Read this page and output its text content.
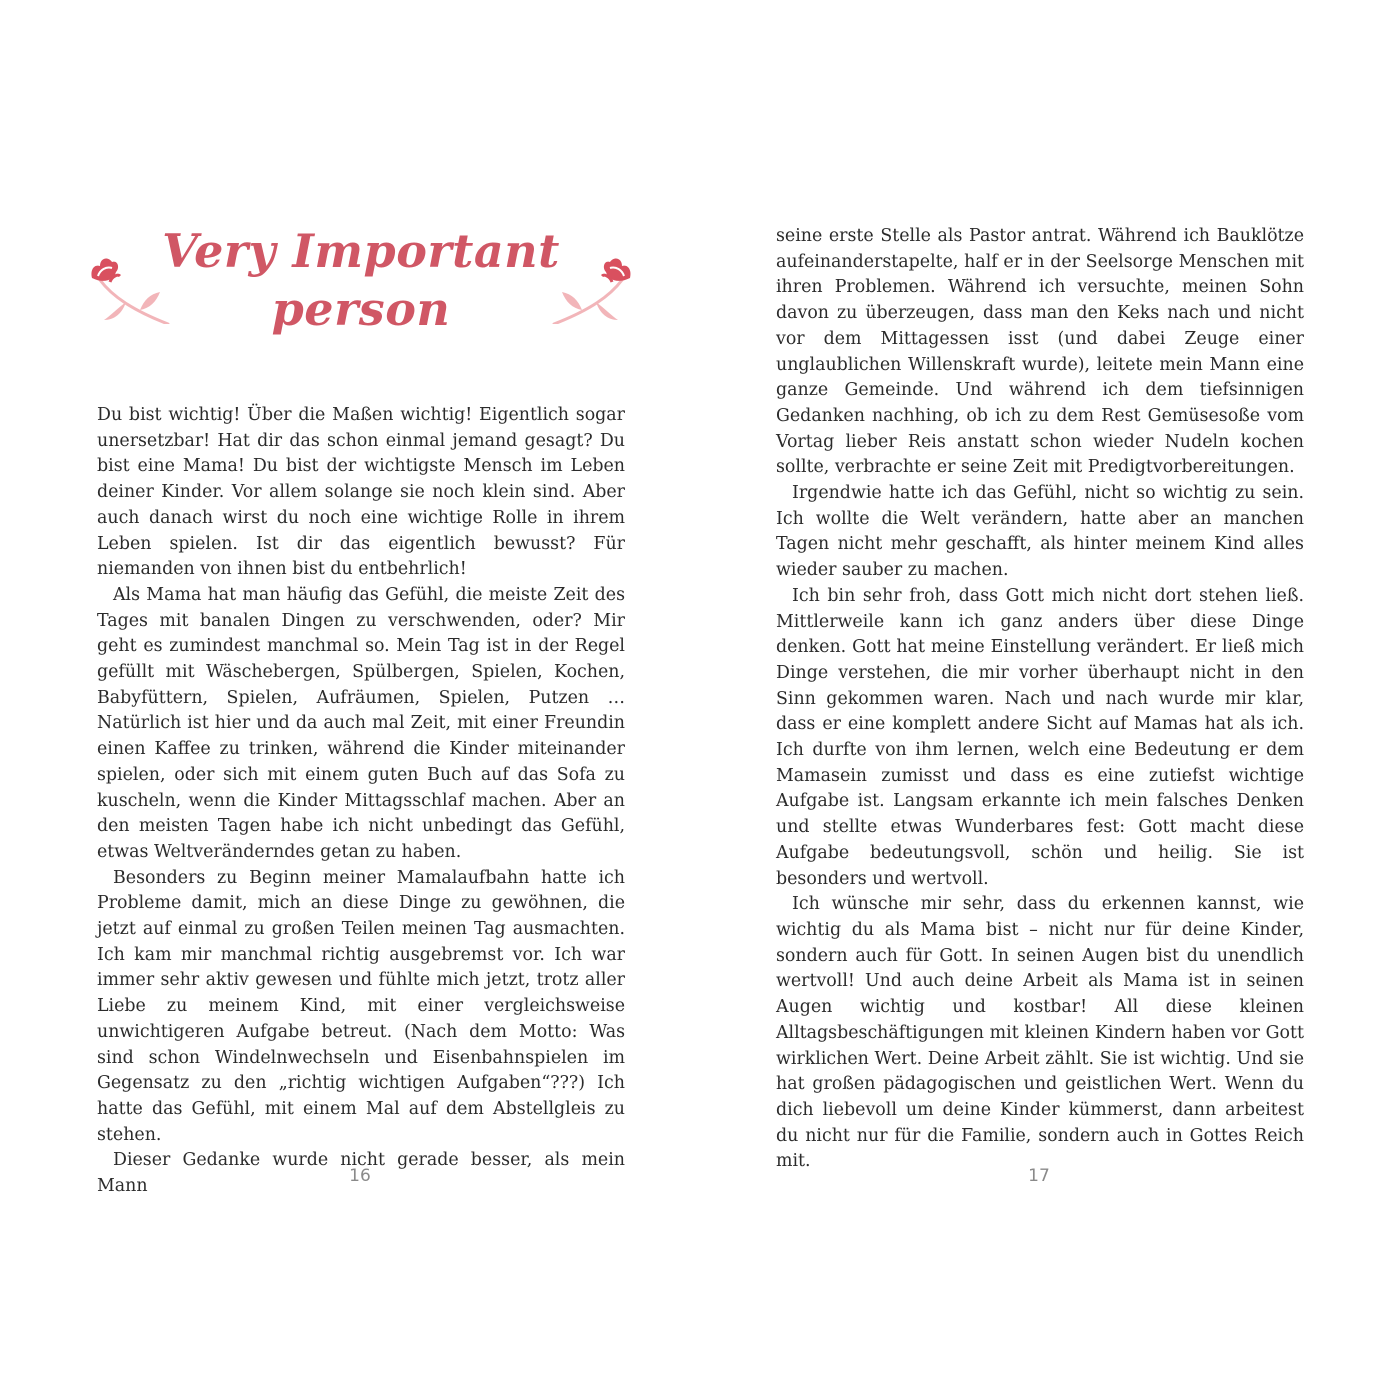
Very Important
person

Du bist wichtig! Über die Maßen wichtig! Eigentlich sogar unersetzbar! Hat dir das schon einmal jemand gesagt? Du bist eine Mama! Du bist der wichtigste Mensch im Leben deiner Kinder. Vor allem solange sie noch klein sind. Aber auch danach wirst du noch eine wichtige Rolle in ihrem Leben spielen. Ist dir das eigentlich bewusst? Für niemanden von ihnen bist du entbehrlich!

Als Mama hat man häufig das Gefühl, die meiste Zeit des Tages mit banalen Dingen zu verschwenden, oder? Mir geht es zumindest manchmal so. Mein Tag ist in der Regel gefüllt mit Wäschebergen, Spülbergen, Spielen, Kochen, Babyfüttern, Spielen, Aufräumen, Spielen, Putzen … Natürlich ist hier und da auch mal Zeit, mit einer Freundin einen Kaffee zu trinken, während die Kinder miteinander spielen, oder sich mit einem guten Buch auf das Sofa zu kuscheln, wenn die Kinder Mittagsschlaf machen. Aber an den meisten Tagen habe ich nicht unbedingt das Gefühl, etwas Weltveränderndes getan zu haben.

Besonders zu Beginn meiner Mamalaufbahn hatte ich Probleme damit, mich an diese Dinge zu gewöhnen, die jetzt auf einmal zu großen Teilen meinen Tag ausmachten. Ich kam mir manchmal richtig ausgebremst vor. Ich war immer sehr aktiv gewesen und fühlte mich jetzt, trotz aller Liebe zu meinem Kind, mit einer vergleichsweise unwichtigeren Aufgabe betreut. (Nach dem Motto: Was sind schon Windelnwechseln und Eisenbahnspielen im Gegensatz zu den „richtig wichtigen Aufgaben“???) Ich hatte das Gefühl, mit einem Mal auf dem Abstellgleis zu stehen.

Dieser Gedanke wurde nicht gerade besser, als mein Mann

16

seine erste Stelle als Pastor antrat. Während ich Bauklötze aufeinanderstapelte, half er in der Seelsorge Menschen mit ihren Problemen. Während ich versuchte, meinen Sohn davon zu überzeugen, dass man den Keks nach und nicht vor dem Mittagessen isst (und dabei Zeuge einer unglaublichen Willenskraft wurde), leitete mein Mann eine ganze Gemeinde. Und während ich dem tiefsinnigen Gedanken nachhing, ob ich zu dem Rest Gemüsesoße vom Vortag lieber Reis anstatt schon wieder Nudeln kochen sollte, verbrachte er seine Zeit mit Predigtvorbereitungen.

Irgendwie hatte ich das Gefühl, nicht so wichtig zu sein. Ich wollte die Welt verändern, hatte aber an manchen Tagen nicht mehr geschafft, als hinter meinem Kind alles wieder sauber zu machen.

Ich bin sehr froh, dass Gott mich nicht dort stehen ließ. Mittlerweile kann ich ganz anders über diese Dinge denken. Gott hat meine Einstellung verändert. Er ließ mich Dinge verstehen, die mir vorher überhaupt nicht in den Sinn gekommen waren. Nach und nach wurde mir klar, dass er eine komplett andere Sicht auf Mamas hat als ich. Ich durfte von ihm lernen, welch eine Bedeutung er dem Mamasein zumisst und dass es eine zutiefst wichtige Aufgabe ist. Langsam erkannte ich mein falsches Denken und stellte etwas Wunderbares fest: Gott macht diese Aufgabe bedeutungsvoll, schön und heilig. Sie ist besonders und wertvoll.

Ich wünsche mir sehr, dass du erkennen kannst, wie wichtig du als Mama bist – nicht nur für deine Kinder, sondern auch für Gott. In seinen Augen bist du unendlich wertvoll! Und auch deine Arbeit als Mama ist in seinen Augen wichtig und kostbar! All diese kleinen Alltagsbeschäftigungen mit kleinen Kindern haben vor Gott wirklichen Wert. Deine Arbeit zählt. Sie ist wichtig. Und sie hat großen pädagogischen und geistlichen Wert. Wenn du dich liebevoll um deine Kinder kümmerst, dann arbeitest du nicht nur für die Familie, sondern auch in Gottes Reich mit.

17
